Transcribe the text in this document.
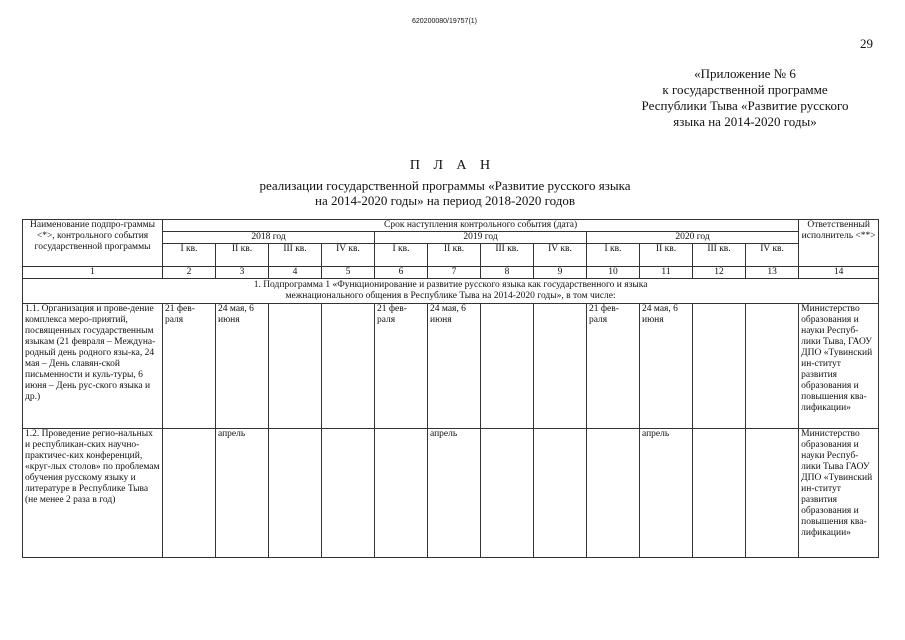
620200080/19757(1)
29
«Приложение № 6
к государственной программе
Республики Тыва «Развитие русского
языка на 2014-2020 годы»
П Л А Н
реализации государственной программы «Развитие русского языка
на 2014-2020 годы» на период 2018-2020 годов
Наименование подпро-граммы <*>, контрольного события государственной программы	Срок наступления контрольного события (дата)												Ответственный исполнитель <**>
	2018 год				2019 год				2020 год				
	I кв.	II кв.	III кв.	IV кв.	I кв.	II кв.	III кв.	IV кв.	I кв.	II кв.	III кв.	IV кв.	
1	2	3	4	5	6	7	8	9	10	11	12	13	14

1. Подпрограмма 1 «Функционирование и развитие русского языка как государственного и языка
межнационального общения в Республике Тыва на 2014-2020 годы», в том числе:													

1.1. Организация и прове-дение комплекса меро-приятий, посвященных государственным языкам (21 февраля – Междуна-родный день родного язы-ка, 24 мая – День славян-ской письменности и куль-туры, 6 июня – День рус-ского языка и др.)	21 фев-раля	24 мая, 6 июня			21 фев-раля	24 мая, 6 июня			21 фев-раля	24 мая, 6 июня			Министерство образования и науки Респуб-лики Тыва, ГАОУ ДПО «Тувинский ин-ститут развития образования и повышения ква-лификации»
1.2. Проведение регио-нальных и республикан-ских научно-практичес-ких конференций, «круг-лых столов» по проблемам обучения русскому языку и литературе в Республике Тыва (не менее 2 раза в год)		апрель				апрель				апрель			Министерство образования и науки Респуб-лики Тыва ГАОУ ДПО «Тувинский ин-ститут развития образования и повышения ква-лификации»
